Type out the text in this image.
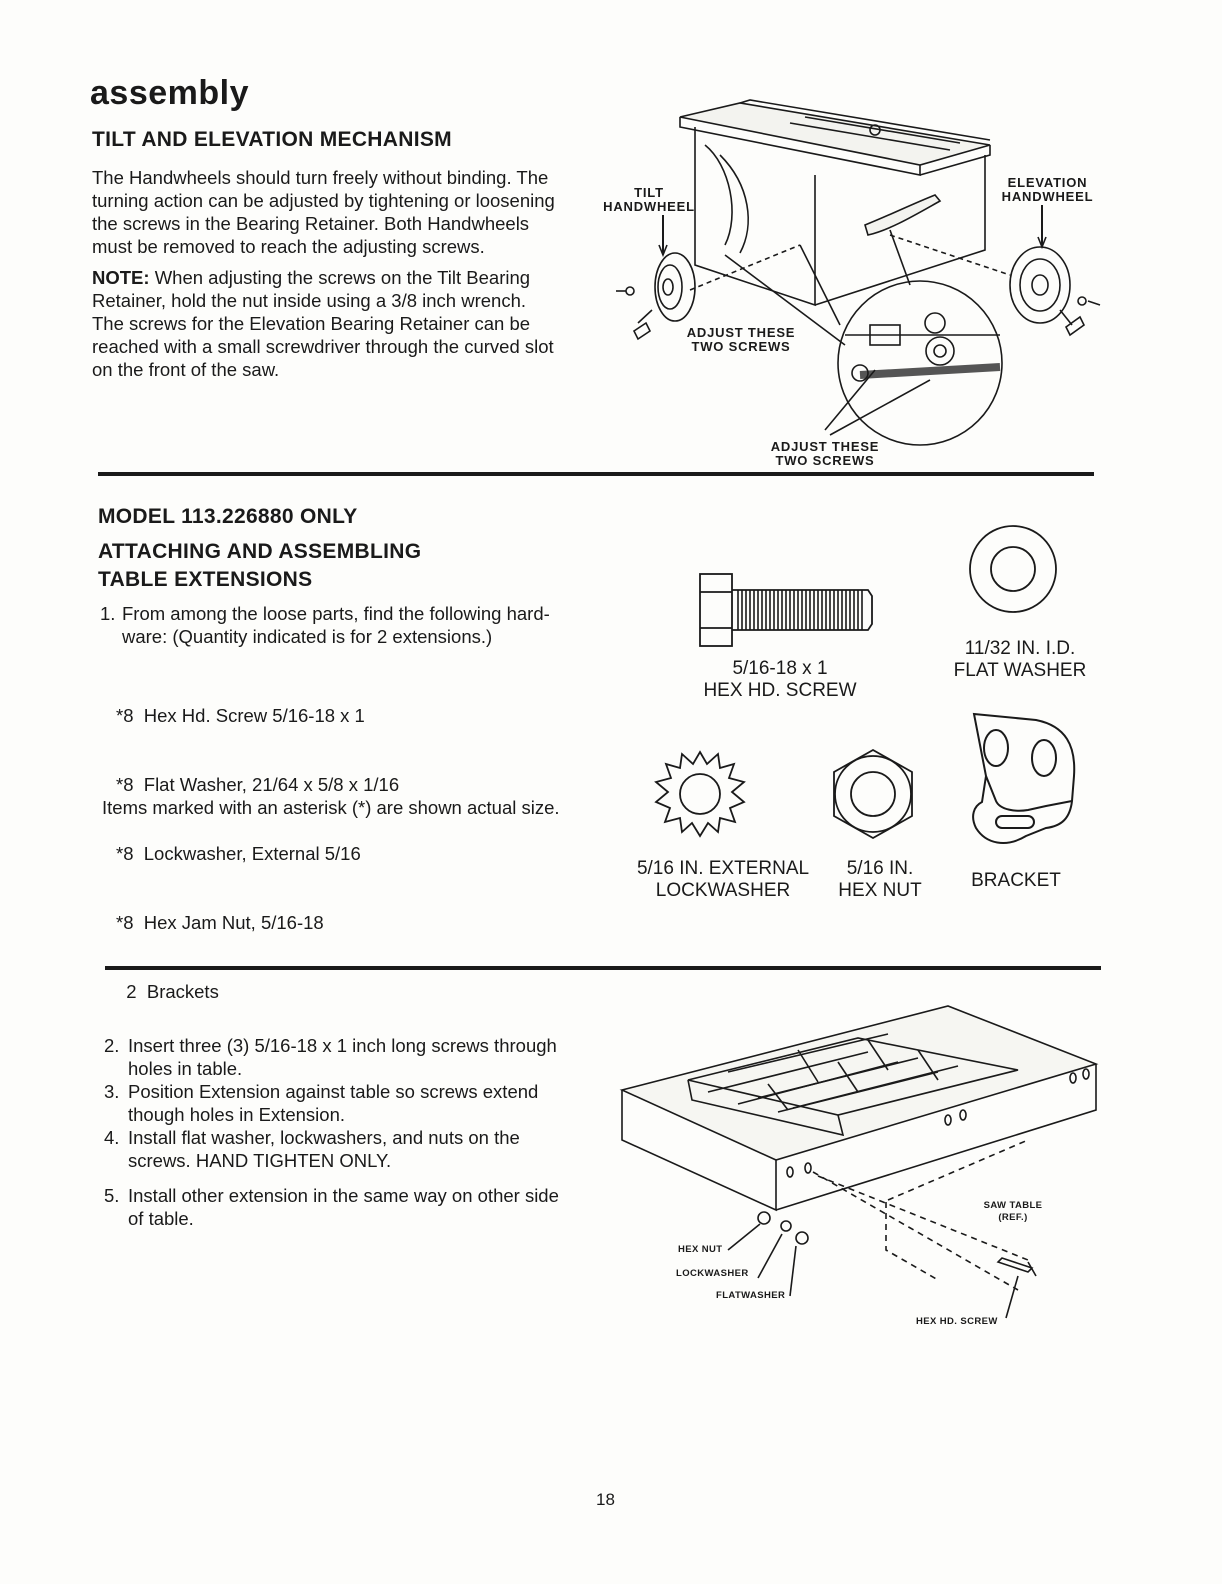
assembly
TILT AND ELEVATION MECHANISM
The Handwheels should turn freely without binding. The
turning action can be adjusted by tightening or loosening
the screws in the Bearing Retainer. Both Handwheels
must be removed to reach the adjusting screws.
NOTE: When adjusting the screws on the Tilt Bearing
Retainer, hold the nut inside using a 3/8 inch wrench.
The screws for the Elevation Bearing Retainer can be
reached with a small screwdriver through the curved slot
on the front of the saw.
TILT
HANDWHEEL
ELEVATION
HANDWHEEL
ADJUST THESE
TWO SCREWS
ADJUST THESE
TWO SCREWS
MODEL 113.226880 ONLY
ATTACHING AND ASSEMBLING
TABLE EXTENSIONS
1. From among the loose parts, find the following hard-
ware: (Quantity indicated is for 2 extensions.)

*8  Hex Hd. Screw 5/16-18 x 1

*8  Flat Washer, 21/64 x 5/8 x 1/16

*8  Lockwasher, External 5/16

*8  Hex Jam Nut, 5/16-18

2  Brackets

Items marked with an asterisk (*) are shown actual size.
5/16-18 x 1
HEX HD. SCREW
11/32 IN. I.D.
FLAT WASHER
5/16 IN. EXTERNAL
LOCKWASHER
5/16 IN.
HEX NUT	BRACKET
2. Insert three (3) 5/16-18 x 1 inch long screws through
holes in table.
3. Position Extension against table so screws extend
though holes in Extension.
4. Install flat washer, lockwashers, and nuts on the
screws. HAND TIGHTEN ONLY.
5. Install other extension in the same way on other side
of table.
SAW TABLE
(REF.)
HEX NUT
LOCKWASHER
FLATWASHER
HEX HD. SCREW
18
